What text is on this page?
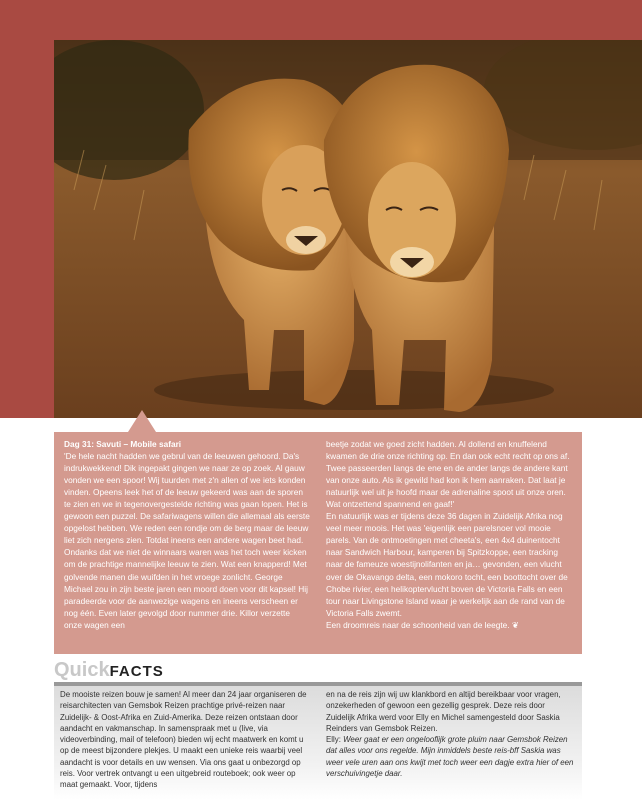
Dag 31: Savuti – Mobile safari
'De hele nacht hadden we gebrul van de leeuwen gehoord. Da's indrukwekkend! Dik ingepakt gingen we naar ze op zoek. Al gauw vonden we een spoor! Wij tuurden met z'n allen of we iets konden vinden. Opeens leek het of de leeuw gekeerd was aan de sporen te zien en we in tegenovergestelde richting was gaan lopen. Het is gewoon een puzzel. De safariwagens willen die allemaal als eerste opgelost hebben. We reden een rondje om de berg maar de leeuw liet zich nergens zien. Totdat ineens een andere wagen beet had. Ondanks dat we niet de winnaars waren was het toch weer kicken om de prachtige mannelijke leeuw te zien. Wat een knapperd! Met golvende manen die wuifden in het vroege zonlicht. George Michael zou in zijn beste jaren een moord doen voor dit kapsel! Hij paradeerde voor de aanwezige wagens en ineens verscheen er nog één. Even later gevolgd door nummer drie. Killor verzette onze wagen een

beetje zodat we goed zicht hadden. Al dollend en knuffelend kwamen de drie onze richting op. En dan ook echt recht op ons af. Twee passeerden langs de ene en de ander langs de andere kant van onze auto. Als ik gewild had kon ik hem aanraken. Dat laat je natuurlijk wel uit je hoofd maar de adrenaline spoot uit onze oren. Wat ontzettend spannend en gaaf!'

En natuurlijk was er tijdens deze 36 dagen in Zuidelijk Afrika nog veel meer moois. Het was 'eigenlijk een parelsnoer vol mooie parels. Van de ontmoetingen met cheeta's, een 4x4 duinentocht naar Sandwich Harbour, kamperen bij Spitzkoppe, een tracking naar de fameuze woestijnolifanten en ja… gevonden, een vlucht over de Okavango delta, een mokoro tocht, een boottocht over de Chobe rivier, een helikoptervlucht boven de Victoria Falls en een tour naar Livingstone Island waar je werkelijk aan de rand van de Victoria Falls zwemt.

Een droomreis naar de schoonheid van de leegte. ❦

QuickFACTS

De mooiste reizen bouw je samen! Al meer dan 24 jaar organiseren de reisarchitecten van Gemsbok Reizen prachtige privé-reizen naar Zuidelijk- & Oost-Afrika en Zuid-Amerika. Deze reizen ontstaan door aandacht en vakmanschap. In samenspraak met u (live, via videoverbinding, mail of telefoon) bieden wij echt maatwerk en komt u op de meest bijzondere plekjes. U maakt een unieke reis waarbij veel aandacht is voor details en uw wensen. Via ons gaat u onbezorgd op reis. Voor vertrek ontvangt u een uitgebreid routeboek; ook weer op maat gemaakt. Voor, tijdens

en na de reis zijn wij uw klankbord en altijd bereikbaar voor vragen, onzekerheden of gewoon een gezellig gesprek. Deze reis door Zuidelijk Afrika werd voor Elly en Michel samengesteld door Saskia Reinders van Gemsbok Reizen.

Elly: Weer gaat er een ongelooflijk grote pluim naar Gemsbok Reizen dat alles voor ons regelde. Mijn inmiddels beste reis-bff Saskia was weer vele uren aan ons kwijt met toch weer een dagje extra hier of een verschuivingetje daar.
